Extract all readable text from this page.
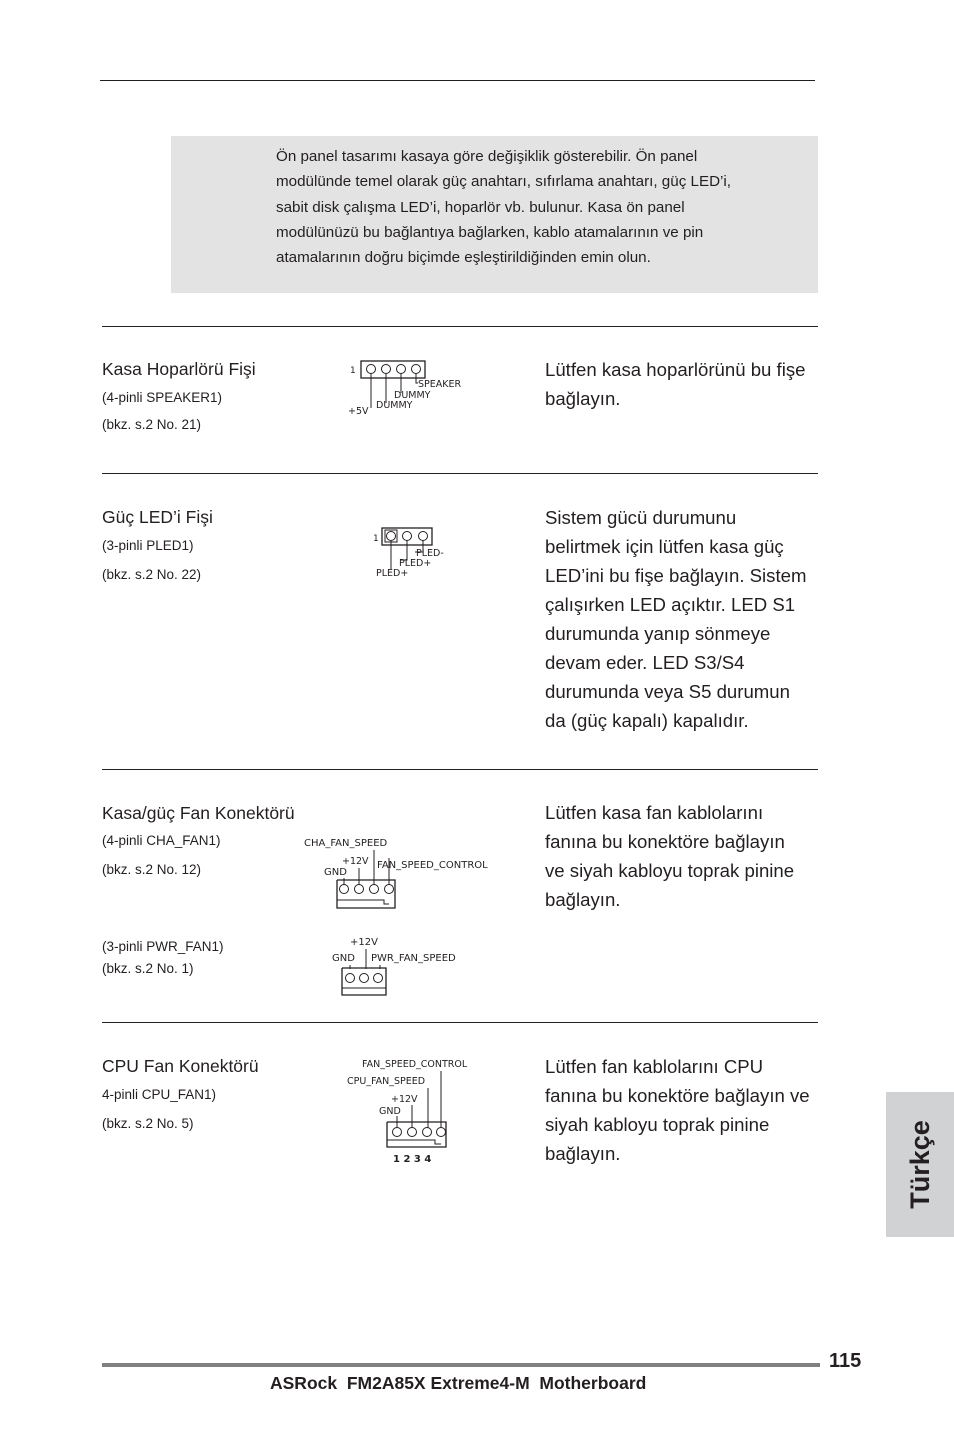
Ön panel tasarımı kasaya göre değişiklik gösterebilir. Ön panel
modülünde temel olarak güç anahtarı, sıfırlama anahtarı, güç LED’i,
sabit disk çalışma LED’i, hoparlör vb. bulunur. Kasa ön panel
modülünüzü bu bağlantıya bağlarken, kablo atamalarının ve pin
atamalarının doğru biçimde eşleştirildiğinden emin olun.
Kasa Hoparlörü Fişi
(4-pinli SPEAKER1)
(bkz. s.2 No. 21)
1
SPEAKER
DUMMY
DUMMY
+5V
Lütfen kasa hoparlörünü bu fişe
bağlayın.
Güç LED’i Fişi
(3-pinli PLED1)
(bkz. s.2 No. 22)
1
PLED-
PLED+
PLED+
Sistem gücü durumunu
belirtmek için lütfen kasa güç
LED’ini bu fişe bağlayın. Sistem
çalışırken LED açıktır. LED S1
durumunda yanıp sönmeye
devam eder. LED S3/S4
durumunda veya S5 durumun
da (güç kapalı) kapalıdır.
Kasa/güç Fan Konektörü
(4-pinli CHA_FAN1)
(bkz. s.2 No. 12)
CHA_FAN_SPEED
+12V FAN_SPEED_CONTROL
GND
Lütfen kasa fan kablolarını
fanına bu konektöre bağlayın
ve siyah kabloyu toprak pinine
bağlayın.
(3-pinli PWR_FAN1)
(bkz. s.2 No. 1)
+12V
GND PWR_FAN_SPEED
CPU Fan Konektörü
4-pinli CPU_FAN1)
(bkz. s.2 No. 5)
FAN_SPEED_CONTROL
CPU_FAN_SPEED
+12V
GND
1 2 3 4
Lütfen fan kablolarını CPU
fanına bu konektöre bağlayın ve
siyah kabloyu toprak pinine
bağlayın.	Türkçe
115
ASRock  FM2A85X Extreme4-M  Motherboard
